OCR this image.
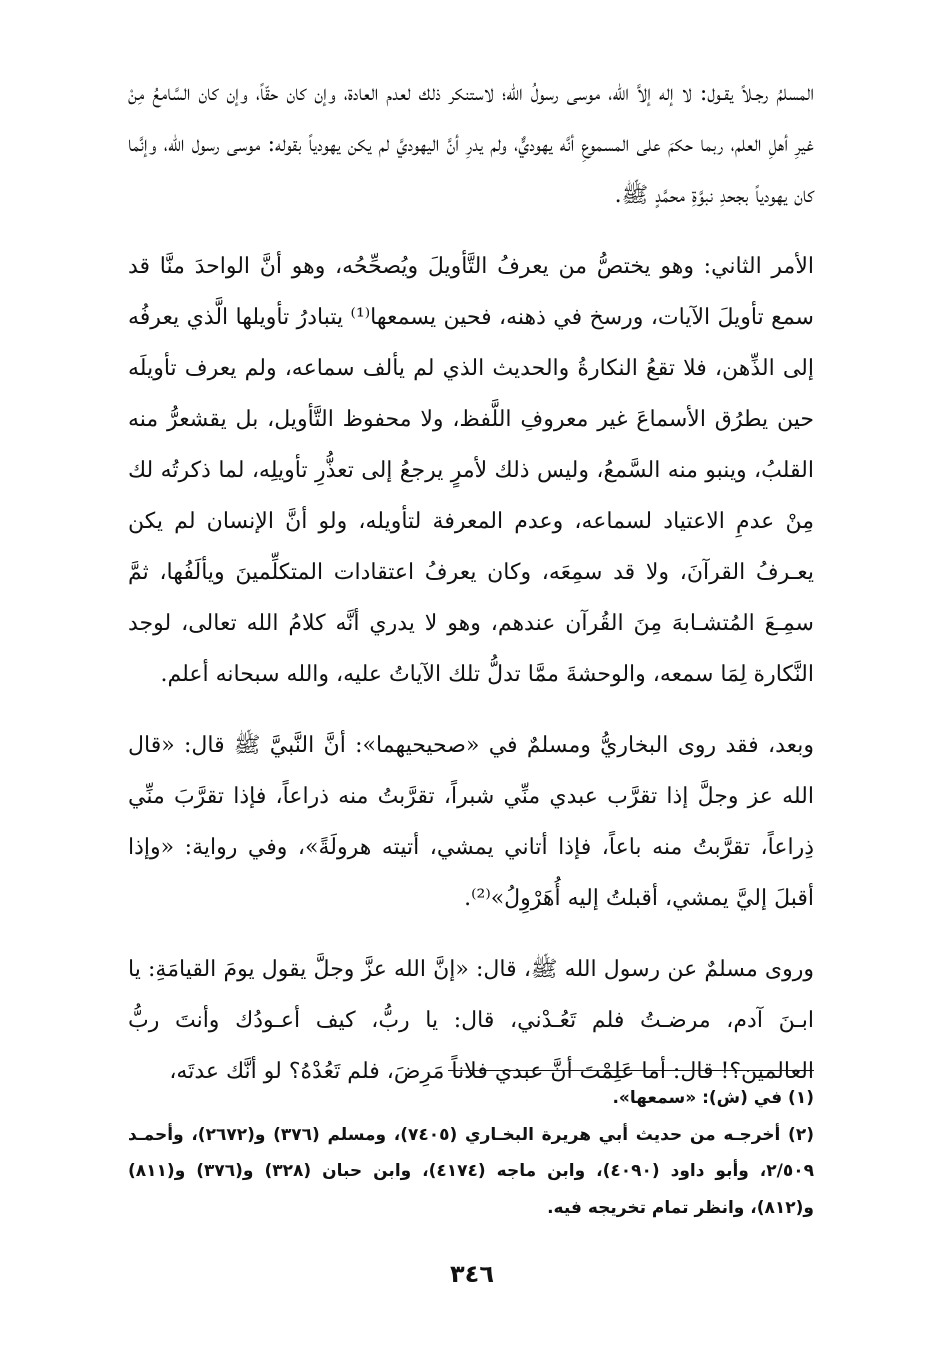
المسلمُ رجـلاً يقـول: لا إله إلاَّ الله، موسى رسولُ الله؛ لاستنكر ذلك لعدم العادة، وإن كان حقّاً، وإن كان السَّامعُ مِنْ غيرِ أهلِ العلم، ربما حكمَ على المسموعِ أنَّه يهوديٌّ، ولم يدرِ أنَّ اليهوديَّ لم يكن يهودياً بقوله: موسى رسول الله، وإنَّما كان يهودياً بجحدِ نبوَّةِ محمَّدٍ ﷺ.

الأمر الثاني: وهو يختصُّ من يعرفُ التَّأويلَ ويُصحِّحُه، وهو أنَّ الواحدَ منَّا قد سمع تأويلَ الآيات، ورسخ في ذهنه، فحين يسمعها⁽¹⁾ يتبادرُ تأويلها الَّذي يعرفُه إلى الذِّهن، فلا تقعُ النكارةُ والحديث الذي لم يألف سماعه، ولم يعرف تأويلَه حين يطرُق الأسماعَ غير معروفِ اللَّفظ، ولا محفوظ التَّأويل، بل يقشعرُّ منه القلبُ، وينبو منه السَّمعُ، وليس ذلك لأمرٍ يرجعُ إلى تعذُّرِ تأويلِه، لما ذكرتُه لك مِنْ عدمِ الاعتياد لسماعه، وعدم المعرفة لتأويله، ولو أنَّ الإنسان لم يكن يعـرفُ القرآنَ، ولا قد سمِعَه، وكان يعرفُ اعتقادات المتكلِّمينَ ويألَفُها، ثمَّ سمِـعَ المُتشـابهَ مِنَ القُرآن عندهم، وهو لا يدري أنَّه كلامُ الله تعالى، لوجد النَّكارة لِمَا سمعه، والوحشةَ ممَّا تدلُّ تلك الآياتُ عليه، والله سبحانه أعلم.

وبعد، فقد روى البخاريُّ ومسلمٌ في «صحيحيهما»: أنَّ النَّبيَّ ﷺ قال: «قال الله عز وجلَّ إذا تقرَّب عبدي منِّي شبراً، تقرَّبتُ منه ذراعاً، فإذا تقرَّبَ منِّي ذِراعاً، تقرَّبتُ منه باعاً، فإذا أتاني يمشي، أتيته هرولَةً»، وفي رواية: «وإذا أقبلَ إليَّ يمشي، أقبلتُ إليه أُهَرْوِلُ»⁽²⁾.

وروى مسلمٌ عن رسول الله ﷺ، قال: «إنَّ الله عزَّ وجلَّ يقول يومَ القيامَةِ: يا ابـنَ آدم، مرضـتُ فلم تَعُـدْني، قال: يا ربُّ، كيف أعـودُك وأنتَ ربُّ العالمين؟! قال: أما عَلِمْتَ أنَّ عبدي فلاناً مَرِضَ، فلم تَعُدْهُ؟ لو أنَّك عدتَه،

(١) في (ش): «سمعها».

(٢) أخرجـه من حديث أبي هريرة البخـاري (٧٤٠٥)، ومسلم (٣٧٦) و(٢٦٧٢)، وأحمـد ٢/٥٠٩، وأبو داود (٤٠٩٠)، وابن ماجه (٤١٧٤)، وابن حبان (٣٢٨) و(٣٧٦) و(٨١١) و(٨١٢)، وانظر تمام تخريجه فيه.

٣٤٦
